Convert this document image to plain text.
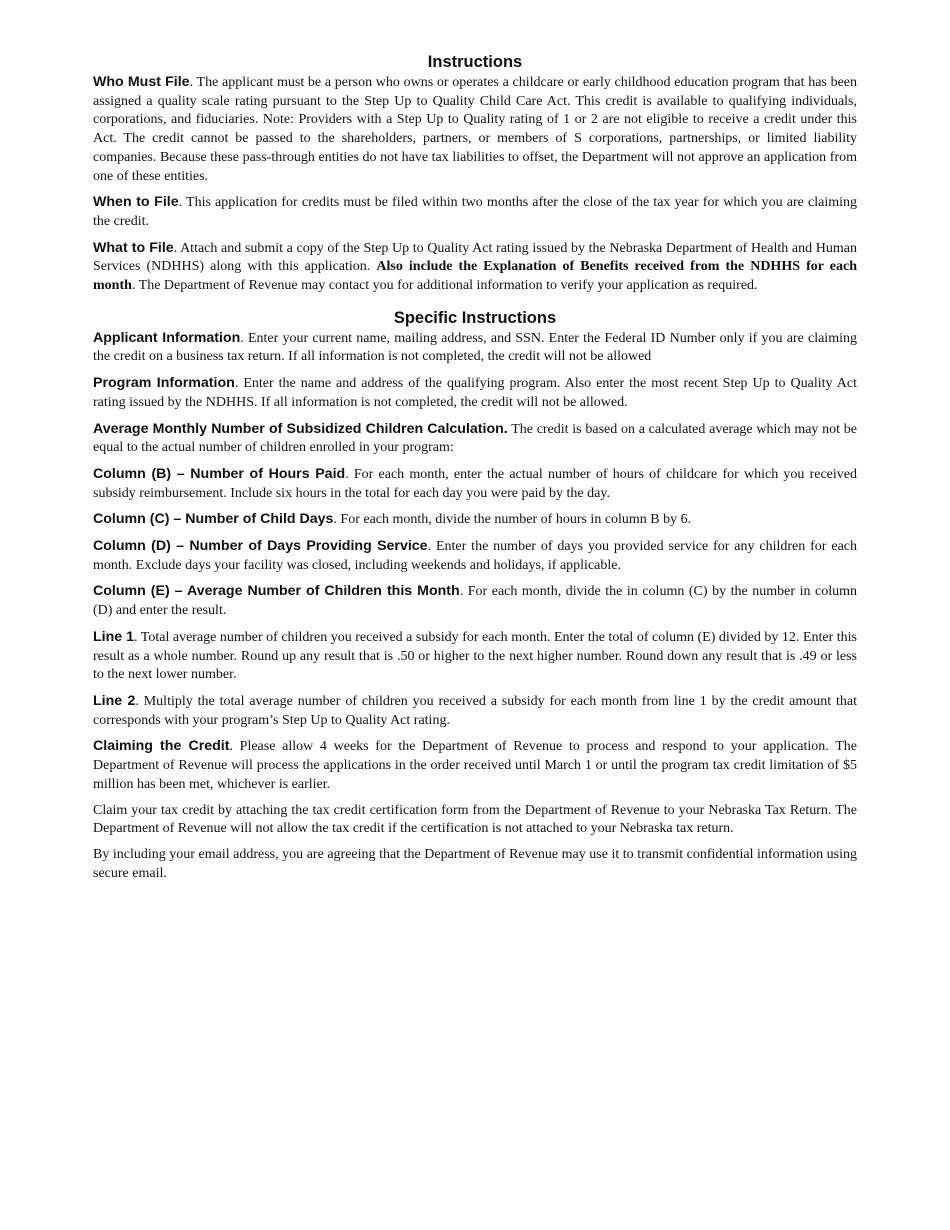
Instructions

Who Must File. The applicant must be a person who owns or operates a childcare or early childhood education program that has been assigned a quality scale rating pursuant to the Step Up to Quality Child Care Act. This credit is available to qualifying individuals, corporations, and fiduciaries. Note: Providers with a Step Up to Quality rating of 1 or 2 are not eligible to receive a credit under this Act. The credit cannot be passed to the shareholders, partners, or members of S corporations, partnerships, or limited liability companies. Because these pass-through entities do not have tax liabilities to offset, the Department will not approve an application from one of these entities.

When to File. This application for credits must be filed within two months after the close of the tax year for which you are claiming the credit.

What to File. Attach and submit a copy of the Step Up to Quality Act rating issued by the Nebraska Department of Health and Human Services (NDHHS) along with this application. Also include the Explanation of Benefits received from the NDHHS for each month. The Department of Revenue may contact you for additional information to verify your application as required.

Specific Instructions

Applicant Information. Enter your current name, mailing address, and SSN. Enter the Federal ID Number only if you are claiming the credit on a business tax return. If all information is not completed, the credit will not be allowed

Program Information. Enter the name and address of the qualifying program. Also enter the most recent Step Up to Quality Act rating issued by the NDHHS. If all information is not completed, the credit will not be allowed.

Average Monthly Number of Subsidized Children Calculation. The credit is based on a calculated average which may not be equal to the actual number of children enrolled in your program:

Column (B) – Number of Hours Paid. For each month, enter the actual number of hours of childcare for which you received subsidy reimbursement. Include six hours in the total for each day you were paid by the day.

Column (C) – Number of Child Days. For each month, divide the number of hours in column B by 6.

Column (D) – Number of Days Providing Service. Enter the number of days you provided service for any children for each month. Exclude days your facility was closed, including weekends and holidays, if applicable.

Column (E) – Average Number of Children this Month. For each month, divide the in column (C) by the number in column (D) and enter the result.

Line 1. Total average number of children you received a subsidy for each month. Enter the total of column (E) divided by 12. Enter this result as a whole number. Round up any result that is .50 or higher to the next higher number. Round down any result that is .49 or less to the next lower number.

Line 2. Multiply the total average number of children you received a subsidy for each month from line 1 by the credit amount that corresponds with your program’s Step Up to Quality Act rating.

Claiming the Credit. Please allow 4 weeks for the Department of Revenue to process and respond to your application. The Department of Revenue will process the applications in the order received until March 1 or until the program tax credit limitation of $5 million has been met, whichever is earlier.

Claim your tax credit by attaching the tax credit certification form from the Department of Revenue to your Nebraska Tax Return. The Department of Revenue will not allow the tax credit if the certification is not attached to your Nebraska tax return.

By including your email address, you are agreeing that the Department of Revenue may use it to transmit confidential information using secure email.
